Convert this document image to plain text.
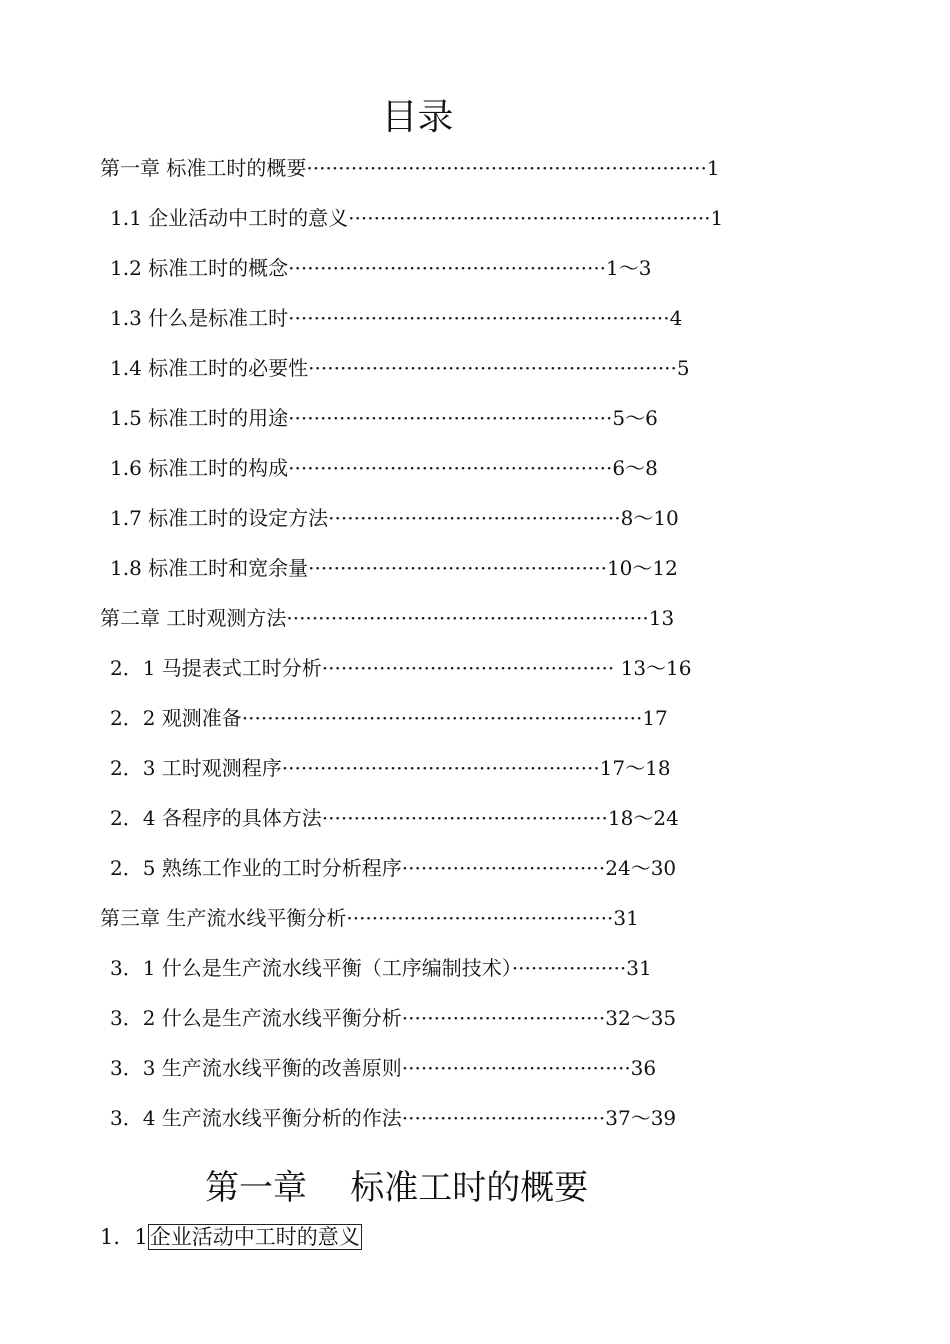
目录
第一章 标准工时的概要·······························································1
1.1 企业活动中工时的意义·························································1
1.2 标准工时的概念··················································1～3
1.3 什么是标准工时····························································4
1.4 标准工时的必要性··························································5
1.5 标准工时的用途···················································5～6
1.6 标准工时的构成···················································6～8
1.7 标准工时的设定方法··············································8～10
1.8 标准工时和宽余量···············································10～12
第二章 工时观测方法·························································13
2．1 马提表式工时分析·············································· 13～16
2．2 观测准备·······························································17
2．3 工时观测程序··················································17～18
2．4 各程序的具体方法·············································18～24
2．5 熟练工作业的工时分析程序································24～30
第三章 生产流水线平衡分析··········································31
3．1 什么是生产流水线平衡（工序编制技术）··················31
3．2 什么是生产流水线平衡分析································32～35
3．3 生产流水线平衡的改善原则····································36
3．4 生产流水线平衡分析的作法································37～39
第一章    标准工时的概要
1．1企业活动中工时的意义
